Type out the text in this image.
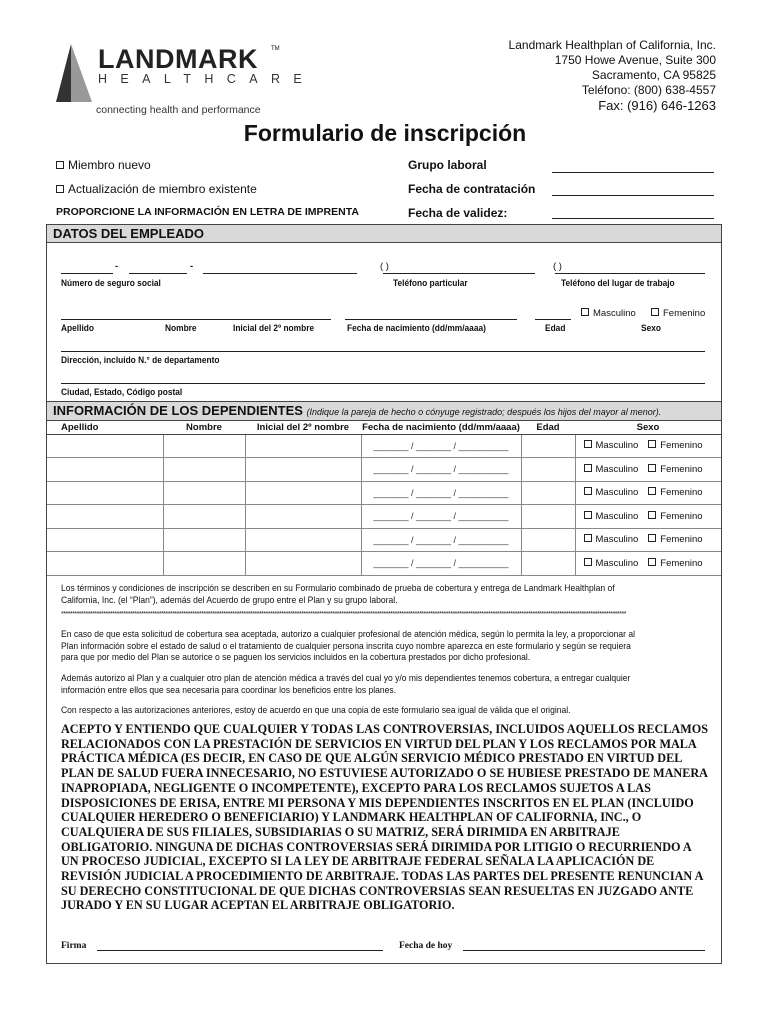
LANDMARK TM
HEALTHCARE
connecting health and performance
Landmark Healthplan of California, Inc.
1750 Howe Avenue, Suite 300
Sacramento, CA 95825
Teléfono: (800) 638-4557
Fax: (916) 646-1263
Formulario de inscripción
Miembro nuevo
Actualización de miembro existente
PROPORCIONE LA INFORMACIÓN EN LETRA DE IMPRENTA
Grupo laboral
Fecha de contratación
Fecha de validez:
DATOS DEL EMPLEADO
-	-
Número de seguro social
( )
Teléfono particular
( )
Teléfono del lugar de trabajo
Masculino	Femenino
Apellido	Nombre	Inicial del 2º nombre	Fecha de nacimiento (dd/mm/aaaa)	Edad	Sexo
Dirección, incluido N.° de departamento
Ciudad, Estado, Código postal
INFORMACIÓN DE LOS DEPENDIENTES (Indique la pareja de hecho o cónyuge registrado; después los hijos del mayor al menor).
Apellido	Nombre	Inicial del 2º nombre	Fecha de nacimiento (dd/mm/aaaa)	Edad	Sexo
			_______ / _______ / __________		Masculino Femenino
			_______ / _______ / __________		Masculino Femenino
			_______ / _______ / __________		Masculino Femenino
			_______ / _______ / __________		Masculino Femenino
			_______ / _______ / __________		Masculino Femenino
			_______ / _______ / __________		Masculino Femenino
Los términos y condiciones de inscripción se describen en su Formulario combinado de prueba de cobertura y entrega de Landmark Healthplan of California, Inc. (el “Plan”), además del Acuerdo de grupo entre el Plan y su grupo laboral.
**************************************************************************************************************************************************************************************************************************************************************
En caso de que esta solicitud de cobertura sea aceptada, autorizo a cualquier profesional de atención médica, según lo permita la ley, a proporcionar al Plan información sobre el estado de salud o el tratamiento de cualquier persona inscrita cuyo nombre aparezca en este formulario y según se requiera para que por medio del Plan se autorice o se paguen los servicios incluidos en la cobertura prestados por dicho profesional.
Además autorizo al Plan y a cualquier otro plan de atención médica a través del cual yo y/o mis dependientes tenemos cobertura, a entregar cualquier información entre ellos que sea necesaria para coordinar los beneficios entre los planes.
Con respecto a las autorizaciones anteriores, estoy de acuerdo en que una copia de este formulario sea igual de válida que el original.
ACEPTO Y ENTIENDO QUE CUALQUIER Y TODAS LAS CONTROVERSIAS, INCLUIDOS AQUELLOS RECLAMOS RELACIONADOS CON LA PRESTACIÓN DE SERVICIOS EN VIRTUD DEL PLAN Y LOS RECLAMOS POR MALA PRÁCTICA MÉDICA (ES DECIR, EN CASO DE QUE ALGÚN SERVICIO MÉDICO PRESTADO EN VIRTUD DEL PLAN DE SALUD FUERA INNECESARIO, NO ESTUVIESE AUTORIZADO O SE HUBIESE PRESTADO DE MANERA INAPROPIADA, NEGLIGENTE O INCOMPETENTE), EXCEPTO PARA LOS RECLAMOS SUJETOS A LAS DISPOSICIONES DE ERISA, ENTRE MI PERSONA Y MIS DEPENDIENTES INSCRITOS EN EL PLAN (INCLUIDO CUALQUIER HEREDERO O BENEFICIARIO) Y LANDMARK HEALTHPLAN OF CALIFORNIA, INC., O CUALQUIERA DE SUS FILIALES, SUBSIDIARIAS O SU MATRIZ, SERÁ DIRIMIDA EN ARBITRAJE OBLIGATORIO. NINGUNA DE DICHAS CONTROVERSIAS SERÁ DIRIMIDA POR LITIGIO O RECURRIENDO A UN PROCESO JUDICIAL, EXCEPTO SI LA LEY DE ARBITRAJE FEDERAL SEÑALA LA APLICACIÓN DE REVISIÓN JUDICIAL A PROCEDIMIENTO DE ARBITRAJE. TODAS LAS PARTES DEL PRESENTE RENUNCIAN A SU DERECHO CONSTITUCIONAL DE QUE DICHAS CONTROVERSIAS SEAN RESUELTAS EN JUZGADO ANTE JURADO Y EN SU LUGAR ACEPTAN EL ARBITRAJE OBLIGATORIO.
Firma	Fecha de hoy
